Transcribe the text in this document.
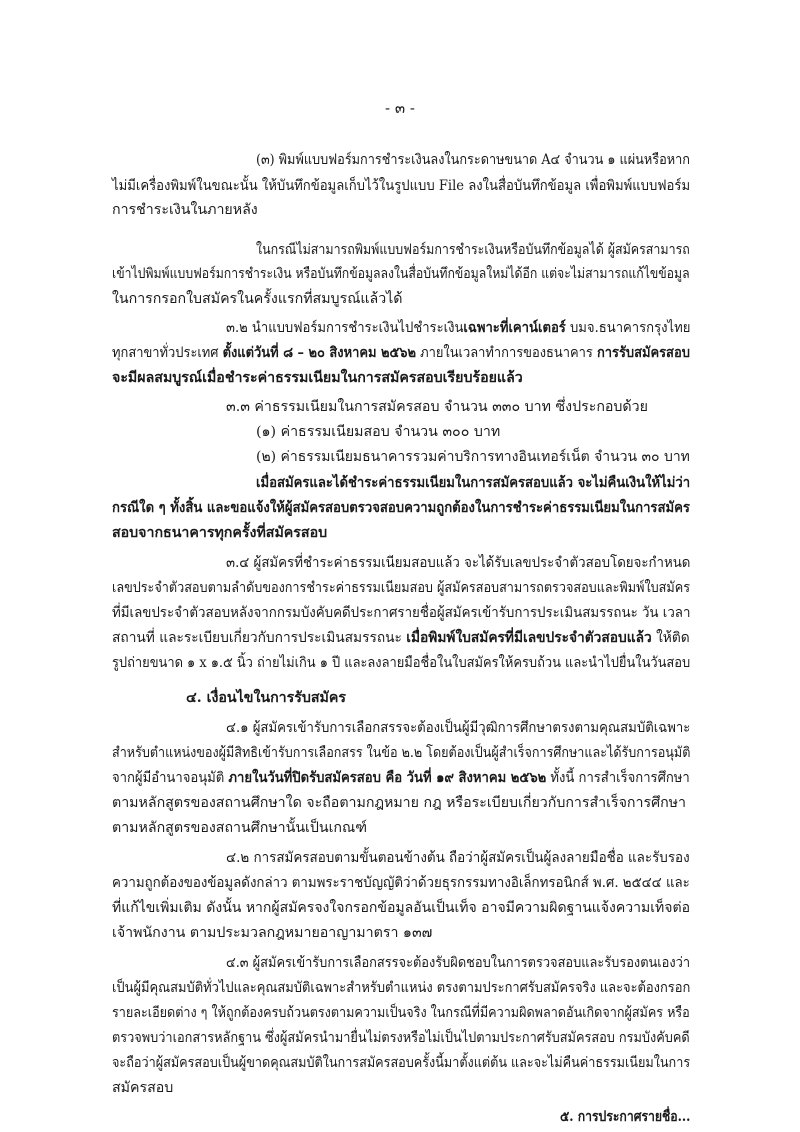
- ๓ -
(๓) พิมพ์แบบฟอร์มการชำระเงินลงในกระดาษขนาด A๔ จำนวน ๑ แผ่นหรือหาก
ไม่มีเครื่องพิมพ์ในขณะนั้น ให้บันทึกข้อมูลเก็บไว้ในรูปแบบ File ลงในสื่อบันทึกข้อมูล เพื่อพิมพ์แบบฟอร์ม
การชำระเงินในภายหลัง
ในกรณีไม่สามารถพิมพ์แบบฟอร์มการชำระเงินหรือบันทึกข้อมูลได้ ผู้สมัครสามารถ
เข้าไปพิมพ์แบบฟอร์มการชำระเงิน หรือบันทึกข้อมูลลงในสื่อบันทึกข้อมูลใหม่ได้อีก แต่จะไม่สามารถแก้ไขข้อมูล
ในการกรอกใบสมัครในครั้งแรกที่สมบูรณ์แล้วได้
๓.๒ นำแบบฟอร์มการชำระเงินไปชำระเงินเฉพาะที่เคาน์เตอร์ บมจ.ธนาคารกรุงไทย
ทุกสาขาทั่วประเทศ ตั้งแต่วันที่ ๘ – ๒๐ สิงหาคม ๒๕๖๒ ภายในเวลาทำการของธนาคาร การรับสมัครสอบ
จะมีผลสมบูรณ์เมื่อชำระค่าธรรมเนียมในการสมัครสอบเรียบร้อยแล้ว
๓.๓ ค่าธรรมเนียมในการสมัครสอบ จำนวน ๓๓๐ บาท ซึ่งประกอบด้วย
(๑) ค่าธรรมเนียมสอบ จำนวน ๓๐๐ บาท
(๒) ค่าธรรมเนียมธนาคารรวมค่าบริการทางอินเทอร์เน็ต จำนวน ๓๐ บาท
เมื่อสมัครและได้ชำระค่าธรรมเนียมในการสมัครสอบแล้ว จะไม่คืนเงินให้ไม่ว่า
กรณีใด ๆ ทั้งสิ้น และขอแจ้งให้ผู้สมัครสอบตรวจสอบความถูกต้องในการชำระค่าธรรมเนียมในการสมัคร
สอบจากธนาคารทุกครั้งที่สมัครสอบ
๓.๔ ผู้สมัครที่ชำระค่าธรรมเนียมสอบแล้ว จะได้รับเลขประจำตัวสอบโดยจะกำหนด
เลขประจำตัวสอบตามลำดับของการชำระค่าธรรมเนียมสอบ ผู้สมัครสอบสามารถตรวจสอบและพิมพ์ใบสมัคร
ที่มีเลขประจำตัวสอบหลังจากกรมบังคับคดีประกาศรายชื่อผู้สมัครเข้ารับการประเมินสมรรถนะ วัน เวลา
สถานที่ และระเบียบเกี่ยวกับการประเมินสมรรถนะ เมื่อพิมพ์ใบสมัครที่มีเลขประจำตัวสอบแล้ว ให้ติด
รูปถ่ายขนาด ๑ x ๑.๕ นิ้ว ถ่ายไม่เกิน ๑ ปี และลงลายมือชื่อในใบสมัครให้ครบถ้วน และนำไปยื่นในวันสอบ
๔. เงื่อนไขในการรับสมัคร
๔.๑ ผู้สมัครเข้ารับการเลือกสรรจะต้องเป็นผู้มีวุฒิการศึกษาตรงตามคุณสมบัติเฉพาะ
สำหรับตำแหน่งของผู้มีสิทธิเข้ารับการเลือกสรร ในข้อ ๒.๒ โดยต้องเป็นผู้สำเร็จการศึกษาและได้รับการอนุมัติ
จากผู้มีอำนาจอนุมัติ ภายในวันที่ปิดรับสมัครสอบ คือ วันที่ ๑๙ สิงหาคม ๒๕๖๒ ทั้งนี้ การสำเร็จการศึกษา
ตามหลักสูตรของสถานศึกษาใด จะถือตามกฎหมาย กฎ หรือระเบียบเกี่ยวกับการสำเร็จการศึกษา
ตามหลักสูตรของสถานศึกษานั้นเป็นเกณฑ์
๔.๒ การสมัครสอบตามขั้นตอนข้างต้น ถือว่าผู้สมัครเป็นผู้ลงลายมือชื่อ และรับรอง
ความถูกต้องของข้อมูลดังกล่าว ตามพระราชบัญญัติว่าด้วยธุรกรรมทางอิเล็กทรอนิกส์ พ.ศ. ๒๕๔๔ และ
ที่แก้ไขเพิ่มเติม ดังนั้น หากผู้สมัครจงใจกรอกข้อมูลอันเป็นเท็จ อาจมีความผิดฐานแจ้งความเท็จต่อ
เจ้าพนักงาน ตามประมวลกฎหมายอาญามาตรา ๑๓๗
๔.๓ ผู้สมัครเข้ารับการเลือกสรรจะต้องรับผิดชอบในการตรวจสอบและรับรองตนเองว่า
เป็นผู้มีคุณสมบัติทั่วไปและคุณสมบัติเฉพาะสำหรับตำแหน่ง ตรงตามประกาศรับสมัครจริง และจะต้องกรอก
รายละเอียดต่าง ๆ ให้ถูกต้องครบถ้วนตรงตามความเป็นจริง ในกรณีที่มีความผิดพลาดอันเกิดจากผู้สมัคร หรือ
ตรวจพบว่าเอกสารหลักฐาน ซึ่งผู้สมัครนำมายื่นไม่ตรงหรือไม่เป็นไปตามประกาศรับสมัครสอบ กรมบังคับคดี
จะถือว่าผู้สมัครสอบเป็นผู้ขาดคุณสมบัติในการสมัครสอบครั้งนี้มาตั้งแต่ต้น และจะไม่คืนค่าธรรมเนียมในการ
สมัครสอบ
๕. การประกาศรายชื่อ...
